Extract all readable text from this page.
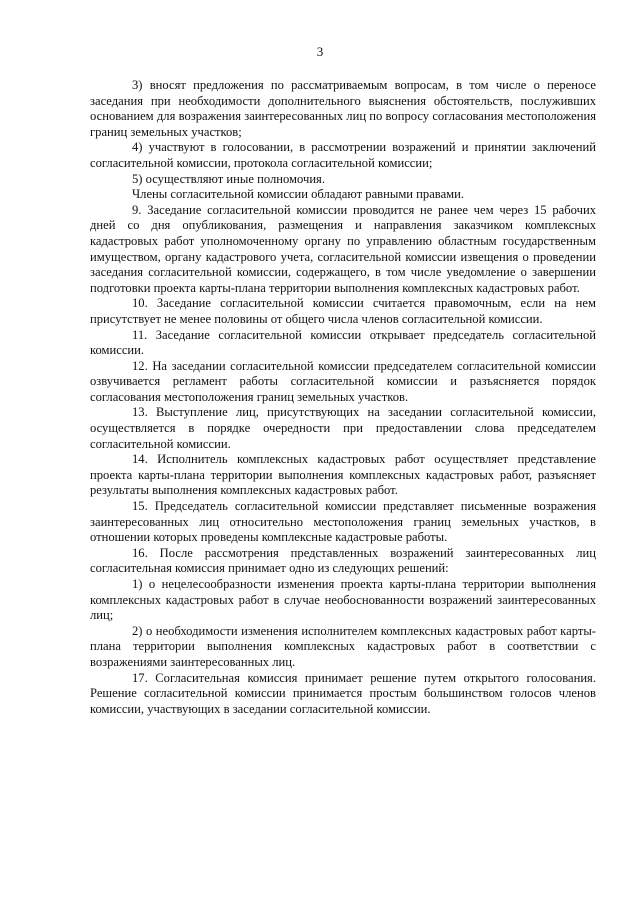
3

3) вносят предложения по рассматриваемым вопросам, в том числе о переносе заседания при необходимости дополнительного выяснения обстоятельств, послуживших основанием для возражения заинтересованных лиц по вопросу согласования местоположения границ земельных участков;

4) участвуют в голосовании, в рассмотрении возражений и принятии заключений согласительной комиссии, протокола согласительной комиссии;

5) осуществляют иные полномочия.

Члены согласительной комиссии обладают равными правами.

9. Заседание согласительной комиссии проводится не ранее чем через 15 рабочих дней со дня опубликования, размещения и направления заказчиком комплексных кадастровых работ уполномоченному органу по управлению областным государственным имуществом, органу кадастрового учета, согласительной комиссии извещения о проведении заседания согласительной комиссии, содержащего, в том числе уведомление о завершении подготовки проекта карты-плана территории выполнения комплексных кадастровых работ.

10. Заседание согласительной комиссии считается правомочным, если на нем присутствует не менее половины от общего числа членов согласительной комиссии.

11. Заседание согласительной комиссии открывает председатель согласительной комиссии.

12. На заседании согласительной комиссии председателем согласительной комиссии озвучивается регламент работы согласительной комиссии и разъясняется порядок согласования местоположения границ земельных участков.

13. Выступление лиц, присутствующих на заседании согласительной комиссии, осуществляется в порядке очередности при предоставлении слова председателем согласительной комиссии.

14. Исполнитель комплексных кадастровых работ осуществляет представление проекта карты-плана территории выполнения комплексных кадастровых работ, разъясняет результаты выполнения комплексных кадастровых работ.

15. Председатель согласительной комиссии представляет письменные возражения заинтересованных лиц относительно местоположения границ земельных участков, в отношении которых проведены комплексные кадастровые работы.

16. После рассмотрения представленных возражений заинтересованных лиц согласительная комиссия принимает одно из следующих решений:

1) о нецелесообразности изменения проекта карты-плана территории выполнения комплексных кадастровых работ в случае необоснованности возражений заинтересованных лиц;

2) о необходимости изменения исполнителем комплексных кадастровых работ карты-плана территории выполнения комплексных кадастровых работ в соответствии с возражениями заинтересованных лиц.

17. Согласительная комиссия принимает решение путем открытого голосования. Решение согласительной комиссии принимается простым большинством голосов членов комиссии, участвующих в заседании согласительной комиссии.
